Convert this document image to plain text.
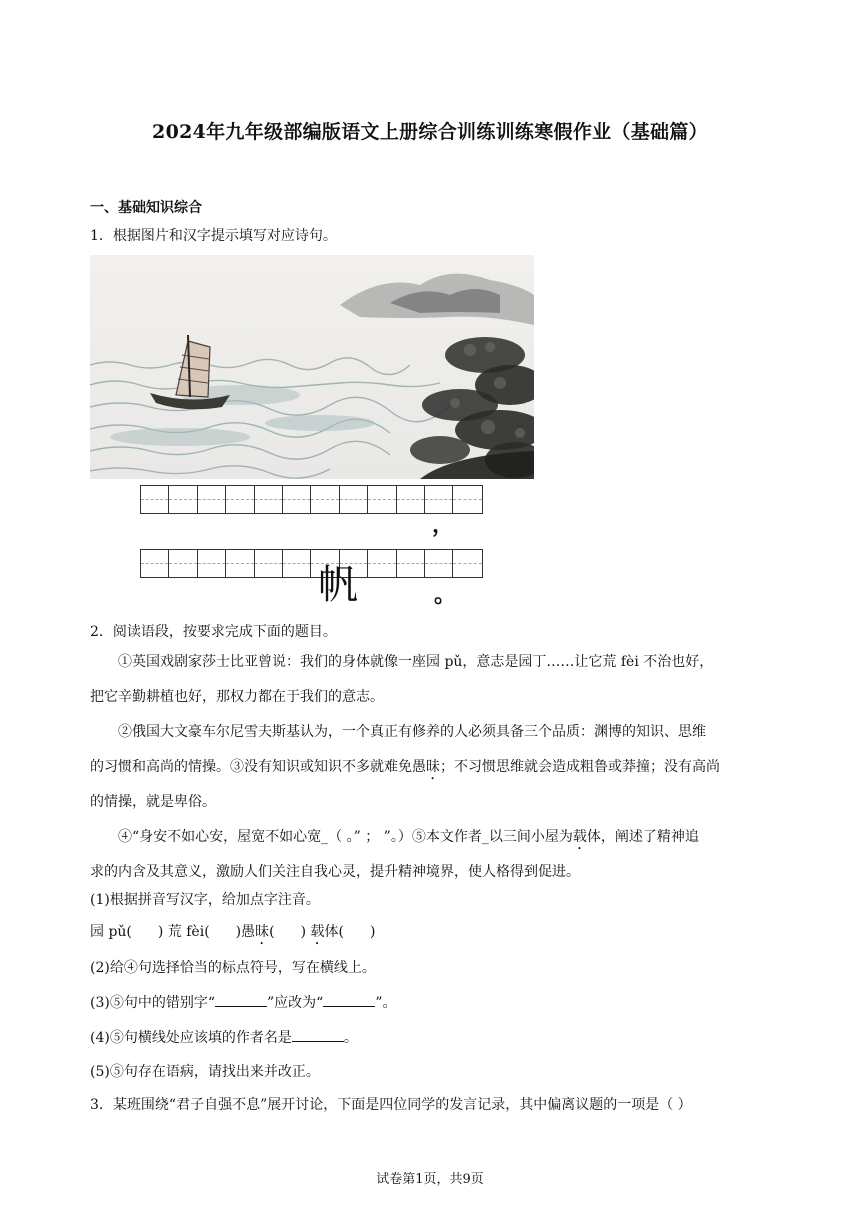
2024年九年级部编版语文上册综合训练训练寒假作业（基础篇）
一、基础知识综合
1．根据图片和汉字提示填写对应诗句。
，
帆	。
2．阅读语段，按要求完成下面的题目。
①英国戏剧家莎士比亚曾说：我们的身体就像一座园 pǔ，意志是园丁……让它荒 fèi 不治也好，
把它辛勤耕植也好，那权力都在于我们的意志。
②俄国大文豪车尔尼雪夫斯基认为，一个真正有修养的人必须具备三个品质：渊博的知识、思维
的习惯和高尚的情操。③没有知识或知识不多就难免愚昧；不习惯思维就会造成粗鲁或莽撞；没有高尚
的情操，就是卑俗。
④“身安不如心安，屋宽不如心宽_（ 。” ； ”。）⑤本文作者_以三间小屋为载体，阐述了精神追
求的内含及其意义，激励人们关注自我心灵，提升精神境界，使人格得到促进。
(1)根据拼音写汉字，给加点字注音。
园 pǔ( ) 荒 fèi( )愚昧( ) 载体( )
(2)给④句选择恰当的标点符号，写在横线上。
(3)⑤句中的错别字“	”应改为“	”。
(4)⑤句横线处应该填的作者名是	。
(5)⑤句存在语病，请找出来并改正。
3．某班围绕“君子自强不息”展开讨论，下面是四位同学的发言记录，其中偏离议题的一项是（ ）
试卷第1页，共9页
